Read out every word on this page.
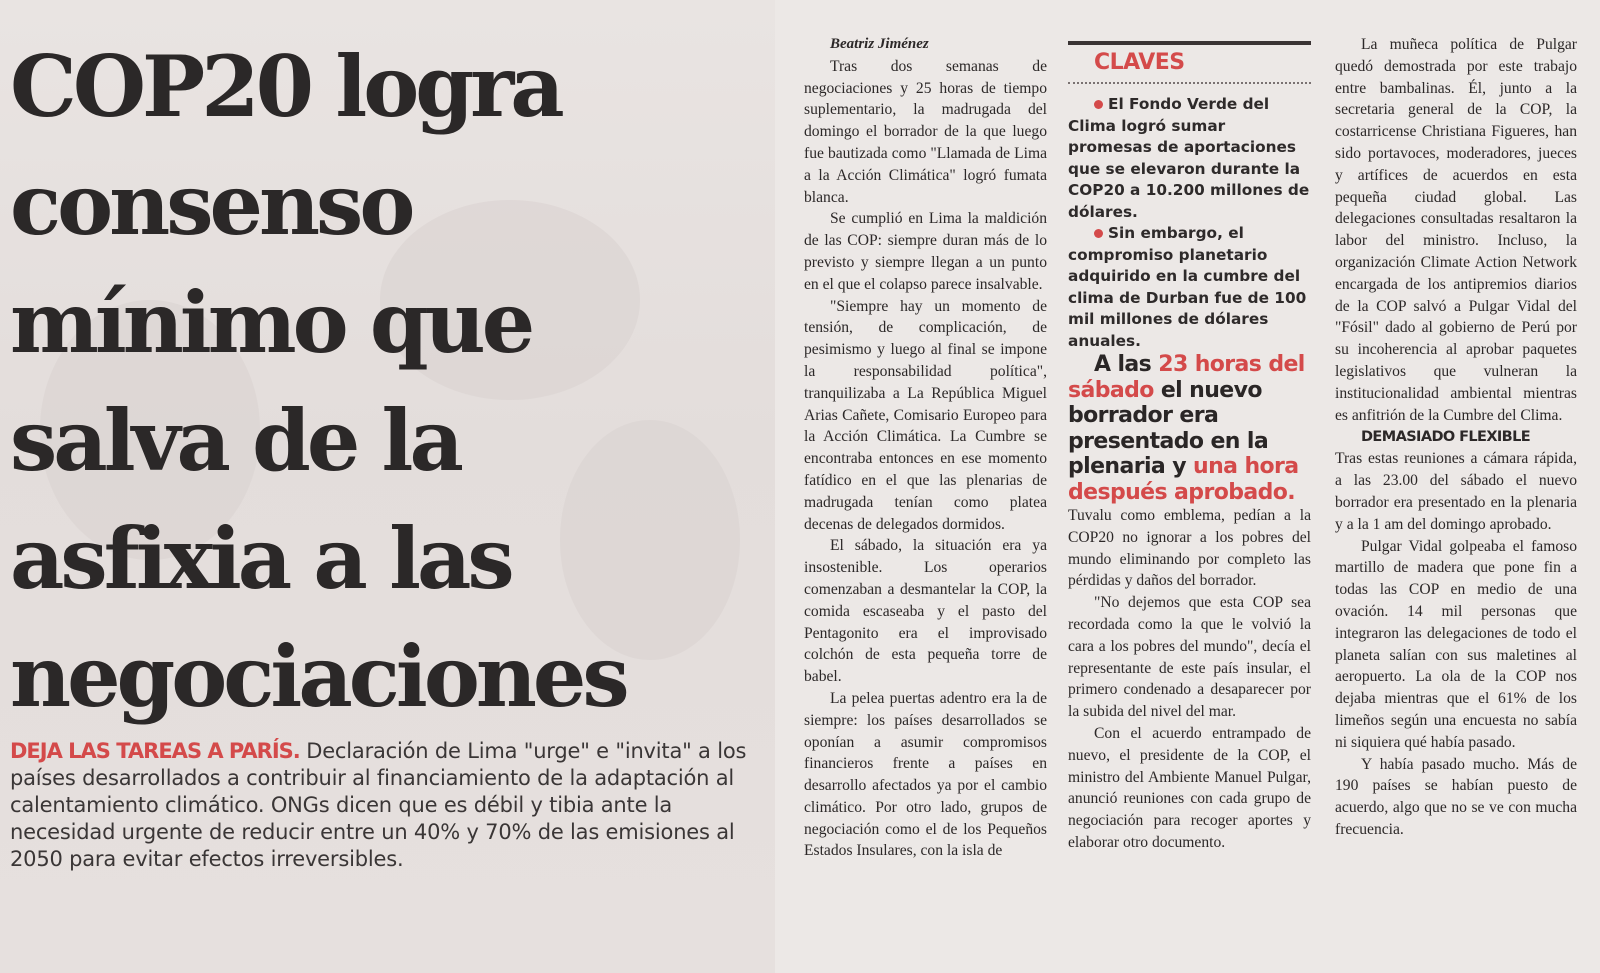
COP20 logra
consenso
mínimo que
salva de la
asfixia a las
negociaciones

DEJA LAS TAREAS A PARÍS. Declaración de Lima "urge" e "invita" a los países desarrollados a contribuir al financiamiento de la adaptación al calentamiento climático. ONGs dicen que es débil y tibia ante la necesidad urgente de reducir entre un 40% y 70% de las emisiones al 2050 para evitar efectos irreversibles.

Beatriz Jiménez

Tras dos semanas de negociaciones y 25 horas de tiempo suplementario, la madrugada del domingo el borrador de la que luego fue bautizada como "Llamada de Lima a la Acción Climática" logró fumata blanca.

Se cumplió en Lima la maldición de las COP: siempre duran más de lo previsto y siempre llegan a un punto en el que el colapso parece insalvable.

"Siempre hay un momento de tensión, de complicación, de pesimismo y luego al final se impone la responsabilidad política", tranquilizaba a La República Miguel Arias Cañete, Comisario Europeo para la Acción Climática. La Cumbre se encontraba entonces en ese momento fatídico en el que las plenarias de madrugada tenían como platea decenas de delegados dormidos.

El sábado, la situación era ya insostenible. Los operarios comenzaban a desmantelar la COP, la comida escaseaba y el pasto del Pentagonito era el improvisado colchón de esta pequeña torre de babel.

La pelea puertas adentro era la de siempre: los países desarrollados se oponían a asumir compromisos financieros frente a países en desarrollo afectados ya por el cambio climático. Por otro lado, grupos de negociación como el de los Pequeños Estados Insulares, con la isla de

CLAVES

El Fondo Verde del Clima logró sumar promesas de aportaciones que se elevaron durante la COP20 a 10.200 millones de dólares.

Sin embargo, el compromiso planetario adquirido en la cumbre del clima de Durban fue de 100 mil millones de dólares anuales.

A las 23 horas del sábado el nuevo borrador era presentado en la plenaria y una hora después aprobado.

Tuvalu como emblema, pedían a la COP20 no ignorar a los pobres del mundo eliminando por completo las pérdidas y daños del borrador.

"No dejemos que esta COP sea recordada como la que le volvió la cara a los pobres del mundo", decía el representante de este país insular, el primero condenado a desaparecer por la subida del nivel del mar.

Con el acuerdo entrampado de nuevo, el presidente de la COP, el ministro del Ambiente Manuel Pulgar, anunció reuniones con cada grupo de negociación para recoger aportes y elaborar otro documento.

La muñeca política de Pulgar quedó demostrada por este trabajo entre bambalinas. Él, junto a la secretaria general de la COP, la costarricense Christiana Figueres, han sido portavoces, moderadores, jueces y artífices de acuerdos en esta pequeña ciudad global. Las delegaciones consultadas resaltaron la labor del ministro. Incluso, la organización Climate Action Network encargada de los antipremios diarios de la COP salvó a Pulgar Vidal del "Fósil" dado al gobierno de Perú por su incoherencia al aprobar paquetes legislativos que vulneran la institucionalidad ambiental mientras es anfitrión de la Cumbre del Clima.

DEMASIADO FLEXIBLE

Tras estas reuniones a cámara rápida, a las 23.00 del sábado el nuevo borrador era presentado en la plenaria y a la 1 am del domingo aprobado.

Pulgar Vidal golpeaba el famoso martillo de madera que pone fin a todas las COP en medio de una ovación. 14 mil personas que integraron las delegaciones de todo el planeta salían con sus maletines al aeropuerto. La ola de la COP nos dejaba mientras que el 61% de los limeños según una encuesta no sabía ni siquiera qué había pasado.

Y había pasado mucho. Más de 190 países se habían puesto de acuerdo, algo que no se ve con mucha frecuencia.
